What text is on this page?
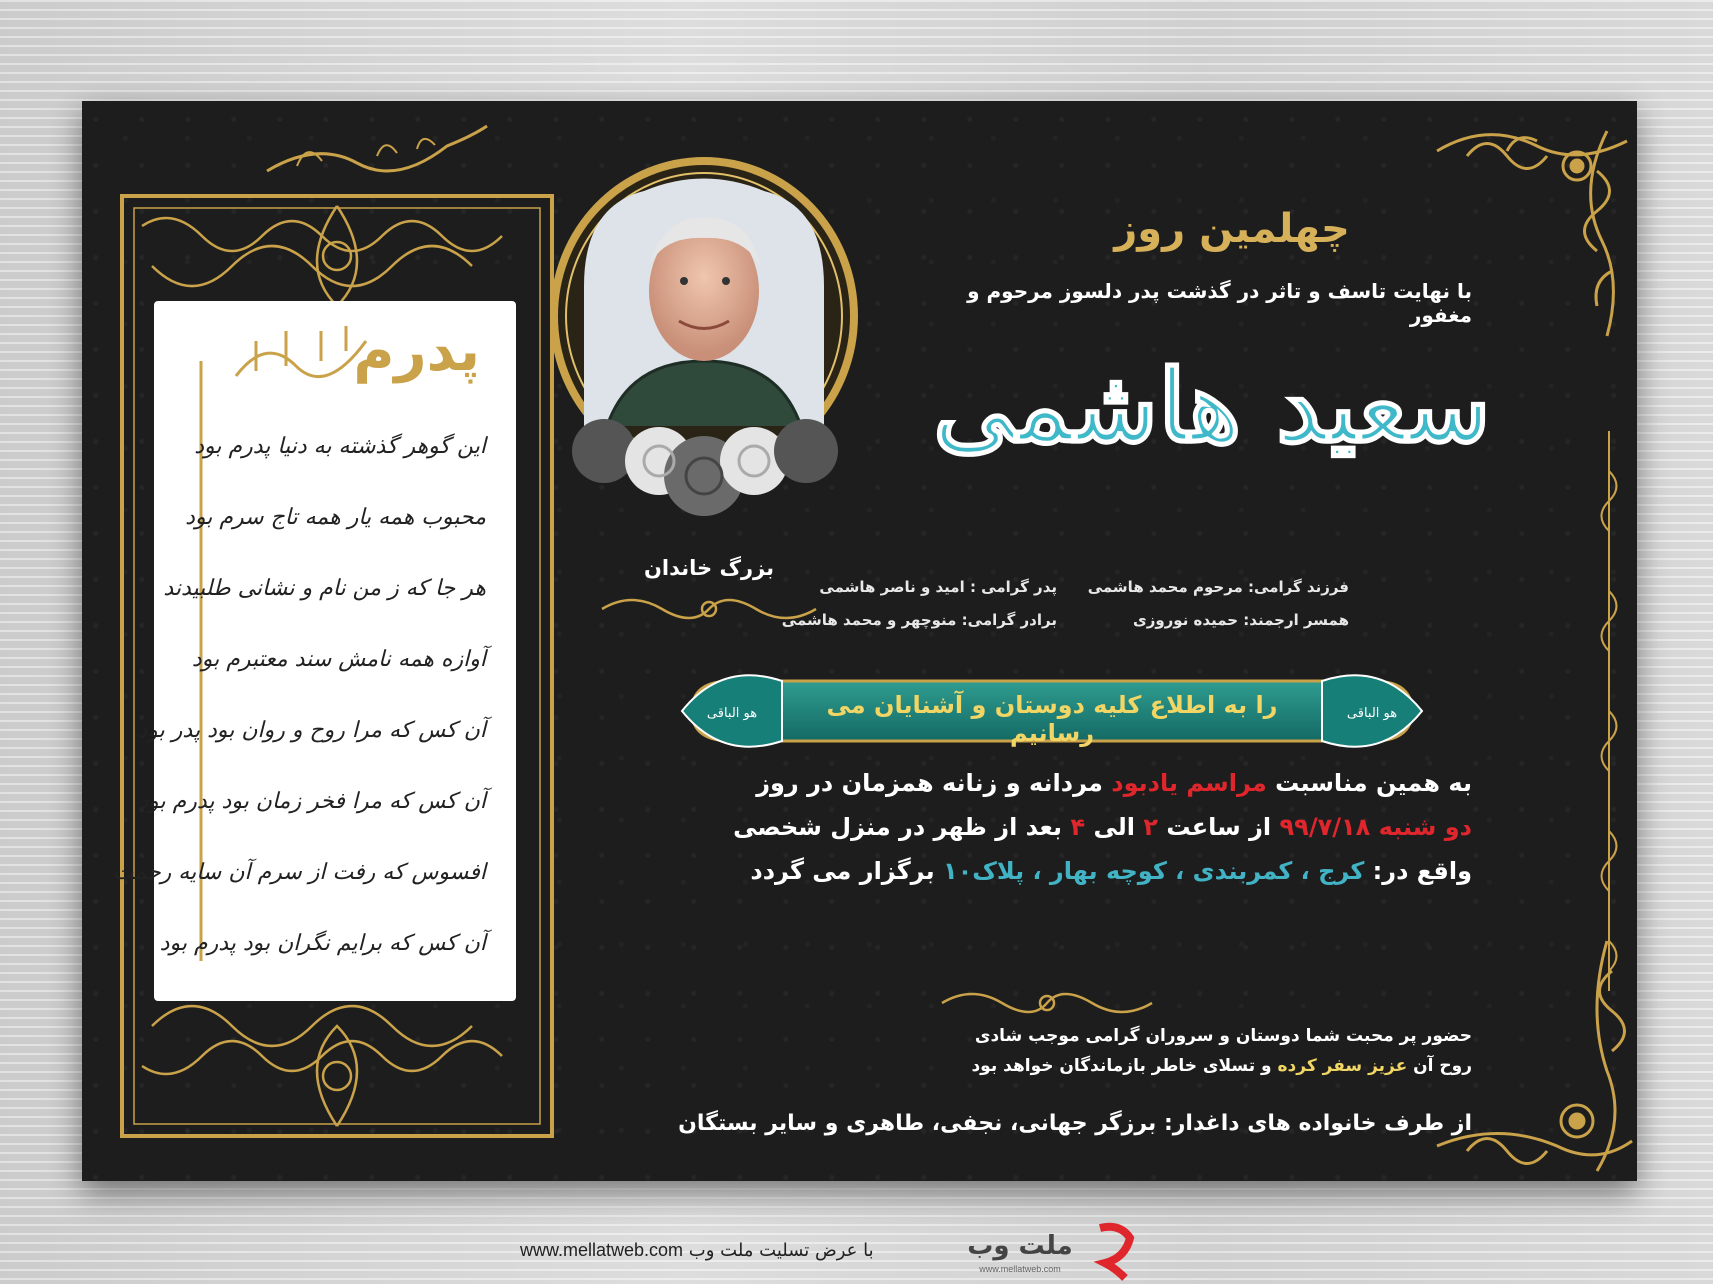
پدرم
این گوهر گذشته به دنیا پدرم بود
محبوب همه یار همه تاج سرم بود
هر جا که ز من نام و نشانی طلبیدند
آوازه همه نامش سند معتبرم بود
آن کس که مرا روح و روان بود پدر بود
آن کس که مرا فخر زمان بود پدرم بود
افسوس که رفت از سرم آن سایه رحمت
آن کس که برایم نگران بود پدرم بود
بزرگ خاندان
چهلمین روز
با نهایت تاسف و تاثر در گذشت پدر دلسوز مرحوم و مغفور
سعید هاشمی
فرزند گرامی: مرحوم محمد هاشمی
پدر گرامی : امید و ناصر هاشمی
همسر ارجمند: حمیده نوروزی
برادر گرامی: منوچهر و محمد هاشمی
هو الباقی	هو الباقی
را به اطلاع کلیه دوستان و آشنایان می رسانیم
به همین مناسبت مراسم یادبود مردانه و زنانه همزمان در روز
دو شنبه ۹۹/۷/۱۸ از ساعت ۲ الی ۴ بعد از ظهر در منزل شخصی
واقع در: کرج ، کمربندی ، کوچه بهار ، پلاک۱۰ برگزار می گردد
حضور پر محبت شما دوستان و سروران گرامی موجب شادی
روح آن عزیز سفر کرده و تسلای خاطر بازماندگان خواهد بود
از طرف خانواده های داغدار: برزگر جهانی، نجفی، طاهری و سایر بستگان
www.mellatweb.com با عرض تسلیت ملت وب	ملت وب
www.mellatweb.com
